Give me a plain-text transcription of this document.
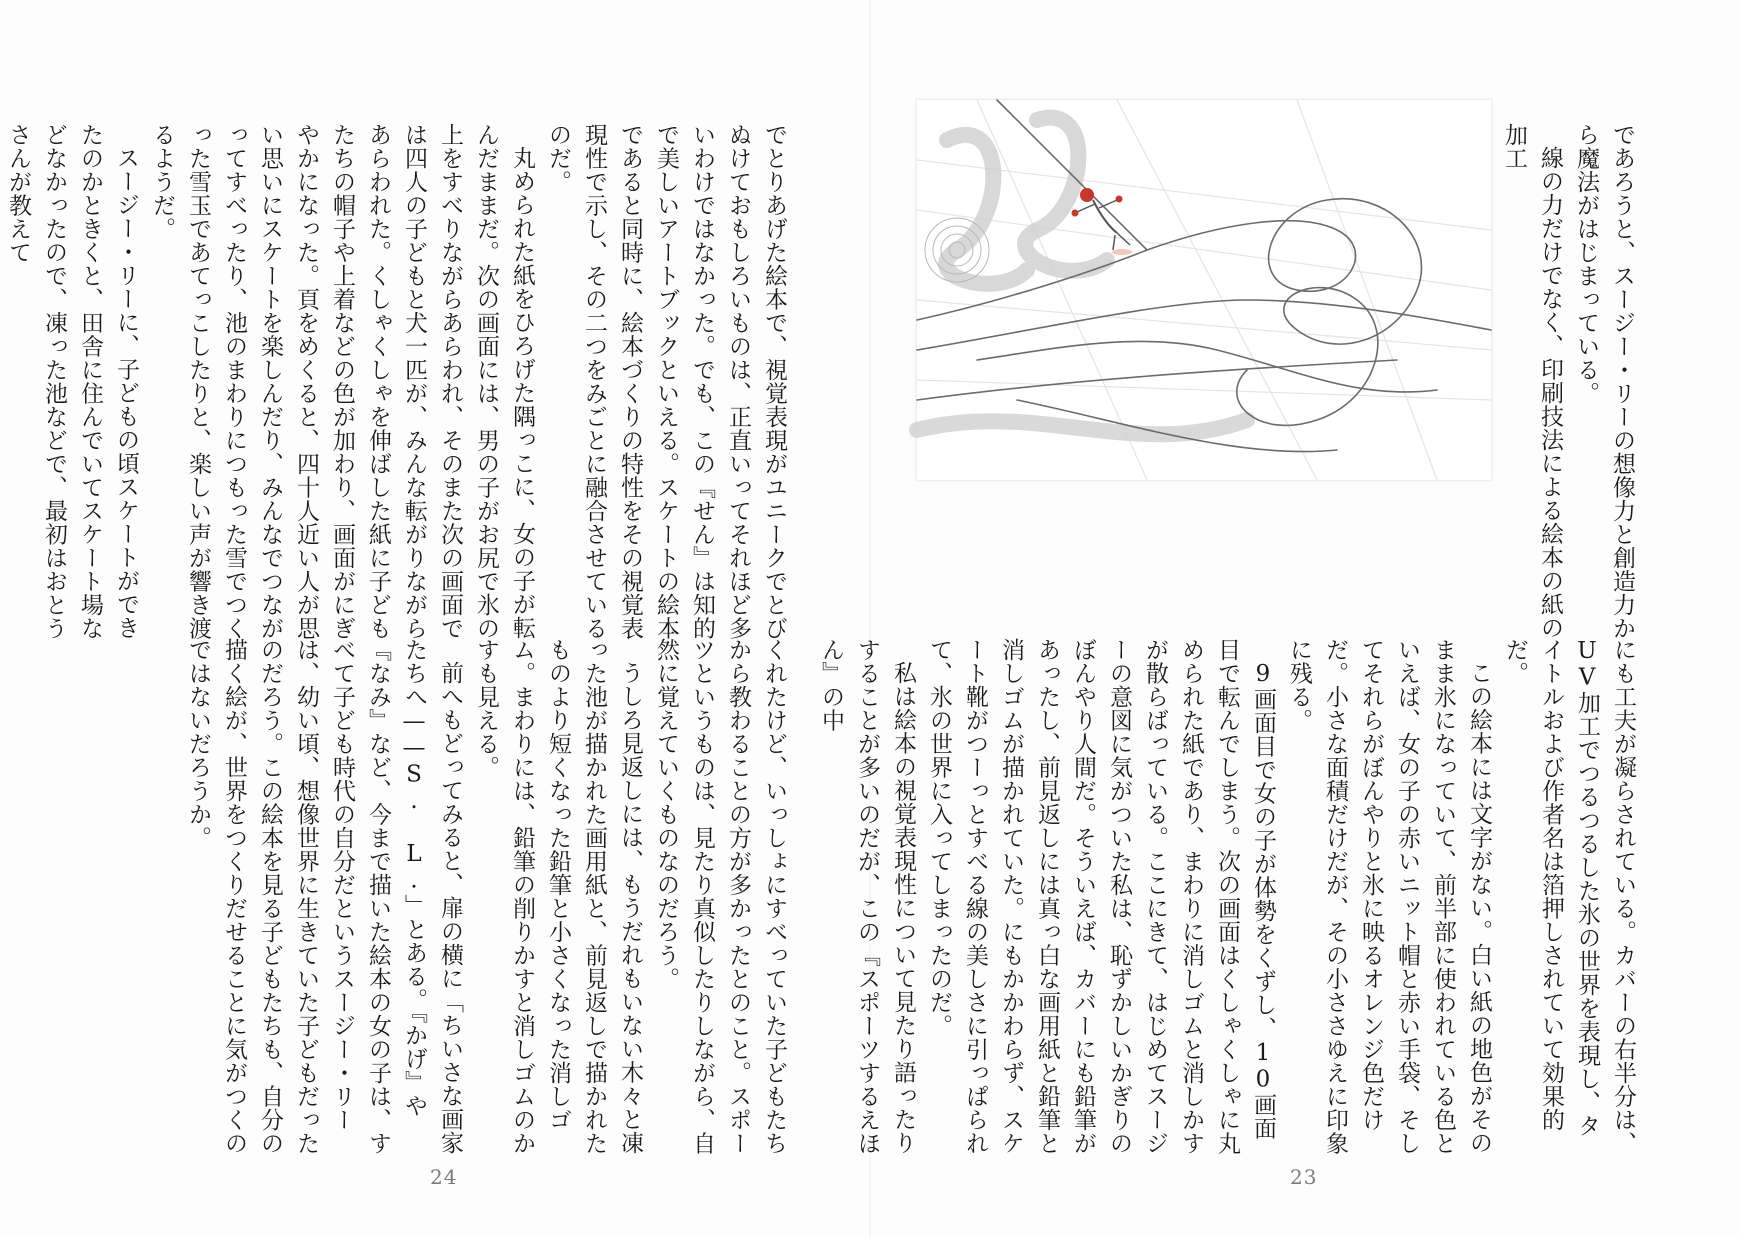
でとりあげた絵本で、視覚表現がユニークでとびぬけておもしろいものは、正直いってそれほど多いわけではなかった。でも、この『せん』は知的で美しいアートブックといえる。スケートの絵本であると同時に、絵本づくりの特性をその視覚表現性で示し、その二つをみごとに融合させているのだ。

丸められた紙をひろげた隅っこに、女の子が転んだままだ。次の画面には、男の子がお尻で氷の上をすべりながらあらわれ、そのまた次の画面では四人の子どもと犬一匹が、みんな転がりながらあらわれた。くしゃくしゃを伸ばした紙に子どもたちの帽子や上着などの色が加わり、画面がにぎやかになった。頁をめくると、四十人近い人が思い思いにスケートを楽しんだり、みんなでつながってすべったり、池のまわりにつもった雪でつくった雪玉であてっこしたりと、楽しい声が響き渡るようだ。

スージー・リーに、子どもの頃スケートができたのかときくと、田舎に住んでいてスケート場などなかったので、凍った池などで、最初はおとうさんが教えて

くれたけど、いっしょにすべっていた子どもたちから教わることの方が多かったとのこと。スポーツというものは、見たり真似したりしながら、自然に覚えていくものなのだろう。

うしろ見返しには、もうだれもいない木々と凍った池が描かれた画用紙と、前見返しで描かれたものより短くなった鉛筆と小さくなった消しゴム。まわりには、鉛筆の削りかすと消しゴムのかすも見える。

前へもどってみると、扉の横に「ちいさな画家たちへ——S. L.」とある。『かげ』や『なみ』など、今まで描いた絵本の女の子は、すべて子ども時代の自分だというスージー・リーは、幼い頃、想像世界に生きていた子どもだったのだろう。この絵本を見る子どもたちも、自分の描く絵が、世界をつくりだせることに気がつくのではないだろうか。

24

であろうと、スージー・リーの想像力と創造力から魔法がはじまっている。

線の力だけでなく、印刷技法による絵本の紙の加工

にも工夫が凝らされている。カバーの右半分は、UV加工でつるつるした氷の世界を表現し、タイトルおよび作者名は箔押しされていて効果的だ。

この絵本には文字がない。白い紙の地色がそのまま氷になっていて、前半部に使われている色といえば、女の子の赤いニット帽と赤い手袋、そしてそれらがぼんやりと氷に映るオレンジ色だけだ。小さな面積だけだが、その小ささゆえに印象に残る。

9画面目で女の子が体勢をくずし、10画面目で転んでしまう。次の画面はくしゃくしゃに丸められた紙であり、まわりに消しゴムと消しかすが散らばっている。ここにきて、はじめてスージーの意図に気がついた私は、恥ずかしいかぎりのぼんやり人間だ。そういえば、カバーにも鉛筆があったし、前見返しには真っ白な画用紙と鉛筆と消しゴムが描かれていた。にもかかわらず、スケート靴がつーっとすべる線の美しさに引っぱられて、氷の世界に入ってしまったのだ。

私は絵本の視覚表現性について見たり語ったりすることが多いのだが、この『スポーツするえほん』の中

23
